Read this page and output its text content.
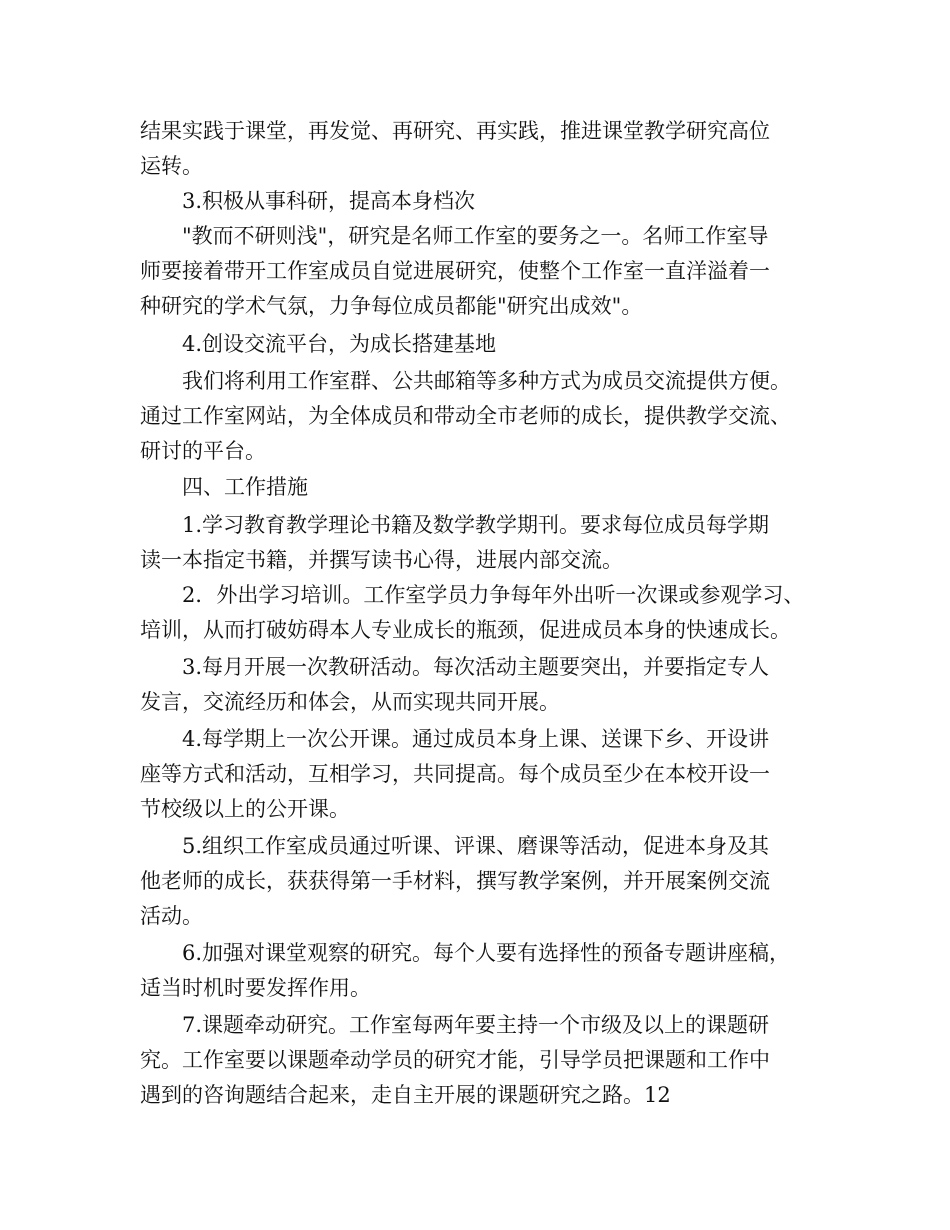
结果实践于课堂，再发觉、再研究、再实践，推进课堂教学研究高位
运转。
3.积极从事科研，提高本身档次
"教而不研则浅"，研究是名师工作室的要务之一。名师工作室导
师要接着带开工作室成员自觉进展研究，使整个工作室一直洋溢着一
种研究的学术气氛，力争每位成员都能"研究出成效"。
4.创设交流平台，为成长搭建基地
我们将利用工作室群、公共邮箱等多种方式为成员交流提供方便。
通过工作室网站，为全体成员和带动全市老师的成长，提供教学交流、
研讨的平台。
四、工作措施
1.学习教育教学理论书籍及数学教学期刊。要求每位成员每学期
读一本指定书籍，并撰写读书心得，进展内部交流。
2．外出学习培训。工作室学员力争每年外出听一次课或参观学习、
培训，从而打破妨碍本人专业成长的瓶颈，促进成员本身的快速成长。
3.每月开展一次教研活动。每次活动主题要突出，并要指定专人
发言，交流经历和体会，从而实现共同开展。
4.每学期上一次公开课。通过成员本身上课、送课下乡、开设讲
座等方式和活动，互相学习，共同提高。每个成员至少在本校开设一
节校级以上的公开课。
5.组织工作室成员通过听课、评课、磨课等活动，促进本身及其
他老师的成长，获获得第一手材料，撰写教学案例，并开展案例交流
活动。
6.加强对课堂观察的研究。每个人要有选择性的预备专题讲座稿，
适当时机时要发挥作用。
7.课题牵动研究。工作室每两年要主持一个市级及以上的课题研
究。工作室要以课题牵动学员的研究才能，引导学员把课题和工作中
遇到的咨询题结合起来，走自主开展的课题研究之路。12
